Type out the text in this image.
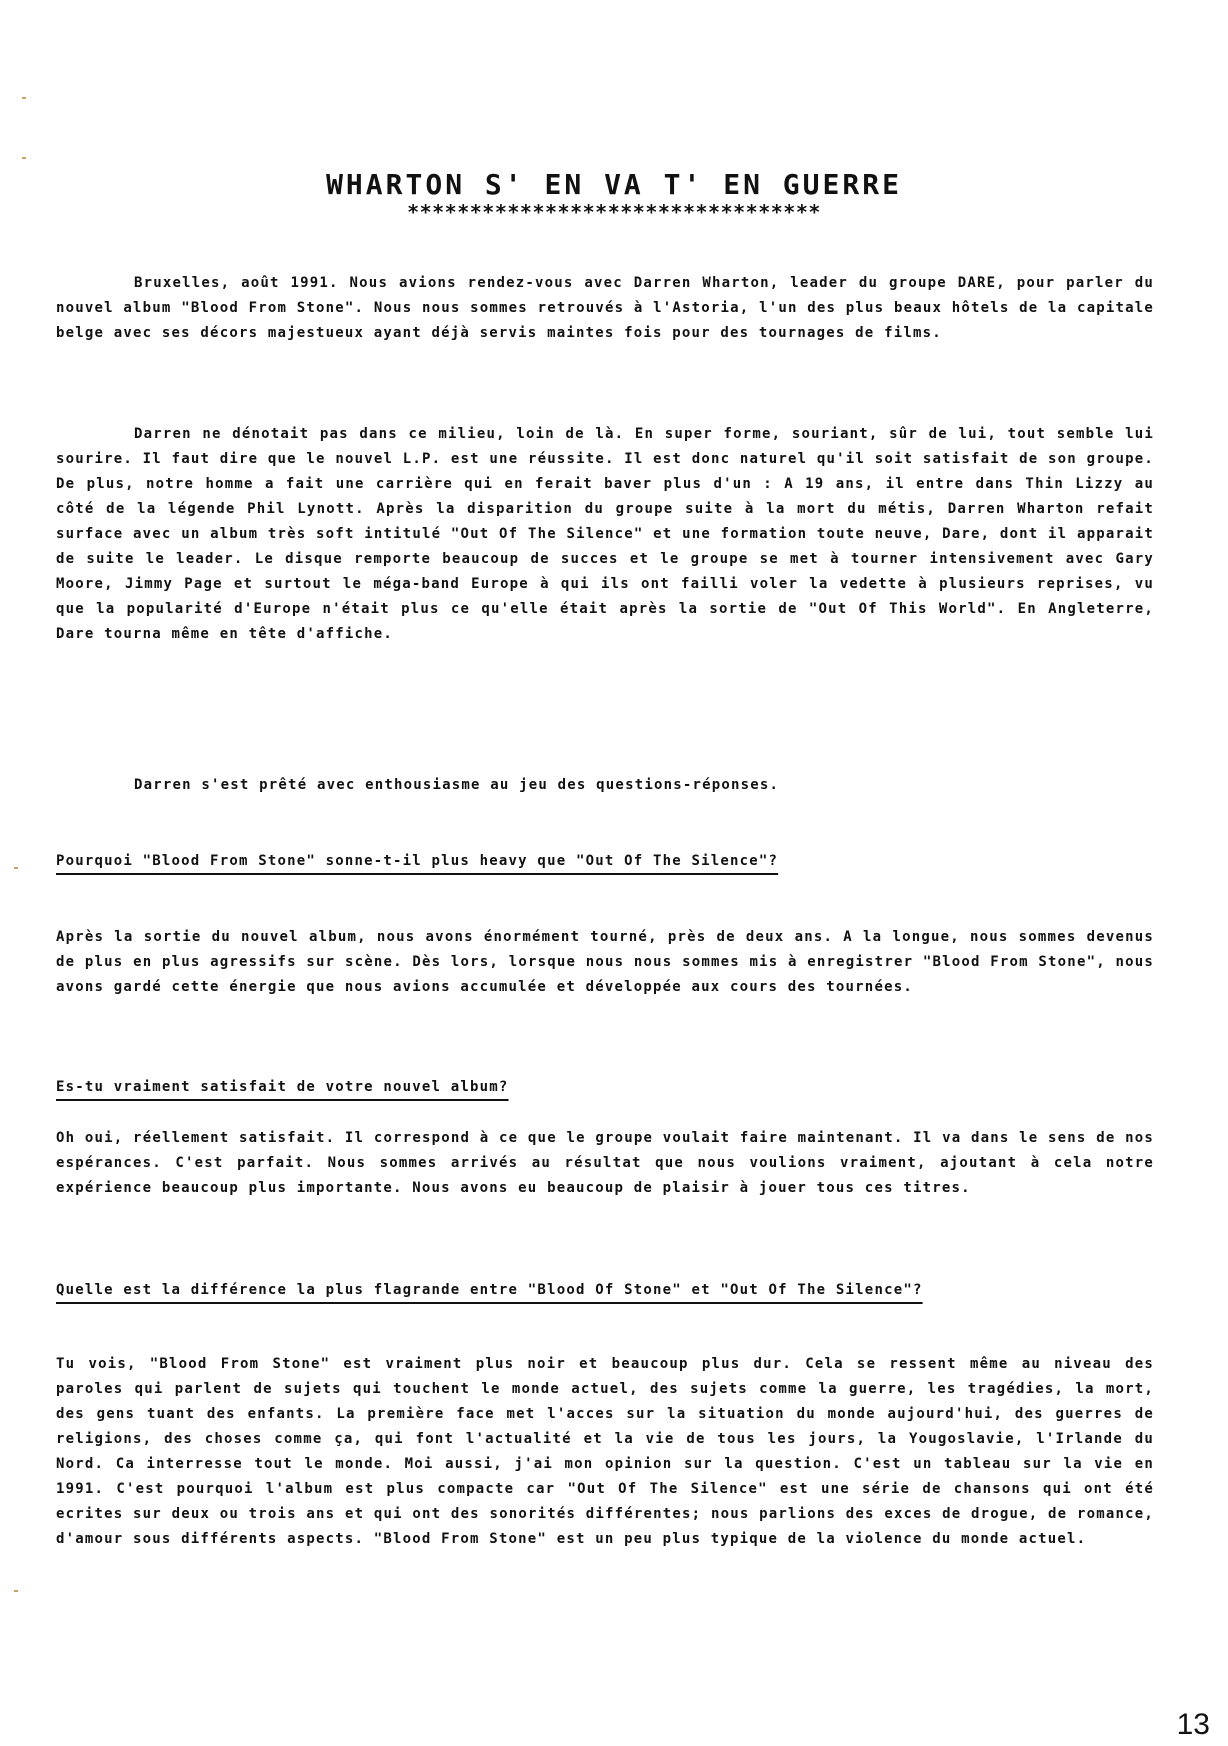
WHARTON S' EN VA T' EN GUERRE
*********************************

Bruxelles, août 1991. Nous avions rendez-vous avec Darren Wharton, leader du groupe DARE, pour parler du nouvel album "Blood From Stone". Nous nous sommes retrouvés à l'Astoria, l'un des plus beaux hôtels de la capitale belge avec ses décors majestueux ayant déjà servis maintes fois pour des tournages de films.

Darren ne dénotait pas dans ce milieu, loin de là. En super forme, souriant, sûr de lui, tout semble lui sourire. Il faut dire que le nouvel L.P. est une réussite. Il est donc naturel qu'il soit satisfait de son groupe. De plus, notre homme a fait une carrière qui en ferait baver plus d'un : A 19 ans, il entre dans Thin Lizzy au côté de la légende Phil Lynott. Après la disparition du groupe suite à la mort du métis, Darren Wharton refait surface avec un album très soft intitulé "Out Of The Silence" et une formation toute neuve, Dare, dont il apparait de suite le leader. Le disque remporte beaucoup de succes et le groupe se met à tourner intensivement avec Gary Moore, Jimmy Page et surtout le méga-band Europe à qui ils ont failli voler la vedette à plusieurs reprises, vu que la popularité d'Europe n'était plus ce qu'elle était après la sortie de "Out Of This World". En Angleterre, Dare tourna même en tête d'affiche.

Darren s'est prêté avec enthousiasme au jeu des questions-réponses.

Pourquoi "Blood From Stone" sonne-t-il plus heavy que "Out Of The Silence"?

Après la sortie du nouvel album, nous avons énormément tourné, près de deux ans. A la longue, nous sommes devenus de plus en plus agressifs sur scène. Dès lors, lorsque nous nous sommes mis à enregistrer "Blood From Stone", nous avons gardé cette énergie que nous avions accumulée et développée aux cours des tournées.

Es-tu vraiment satisfait de votre nouvel album?

Oh oui, réellement satisfait. Il correspond à ce que le groupe voulait faire maintenant. Il va dans le sens de nos espérances. C'est parfait. Nous sommes arrivés au résultat que nous voulions vraiment, ajoutant à cela notre expérience beaucoup plus importante. Nous avons eu beaucoup de plaisir à jouer tous ces titres.

Quelle est la différence la plus flagrande entre "Blood Of Stone" et "Out Of The Silence"?

Tu vois, "Blood From Stone" est vraiment plus noir et beaucoup plus dur. Cela se ressent même au niveau des paroles qui parlent de sujets qui touchent le monde actuel, des sujets comme la guerre, les tragédies, la mort, des gens tuant des enfants. La première face met l'acces sur la situation du monde aujourd'hui, des guerres de religions, des choses comme ça, qui font l'actualité et la vie de tous les jours, la Yougoslavie, l'Irlande du Nord. Ca interresse tout le monde. Moi aussi, j'ai mon opinion sur la question. C'est un tableau sur la vie en 1991. C'est pourquoi l'album est plus compacte car "Out Of The Silence" est une série de chansons qui ont été ecrites sur deux ou trois ans et qui ont des sonorités différentes; nous parlions des exces de drogue, de romance, d'amour sous différents aspects. "Blood From Stone" est un peu plus typique de la violence du monde actuel.

13
